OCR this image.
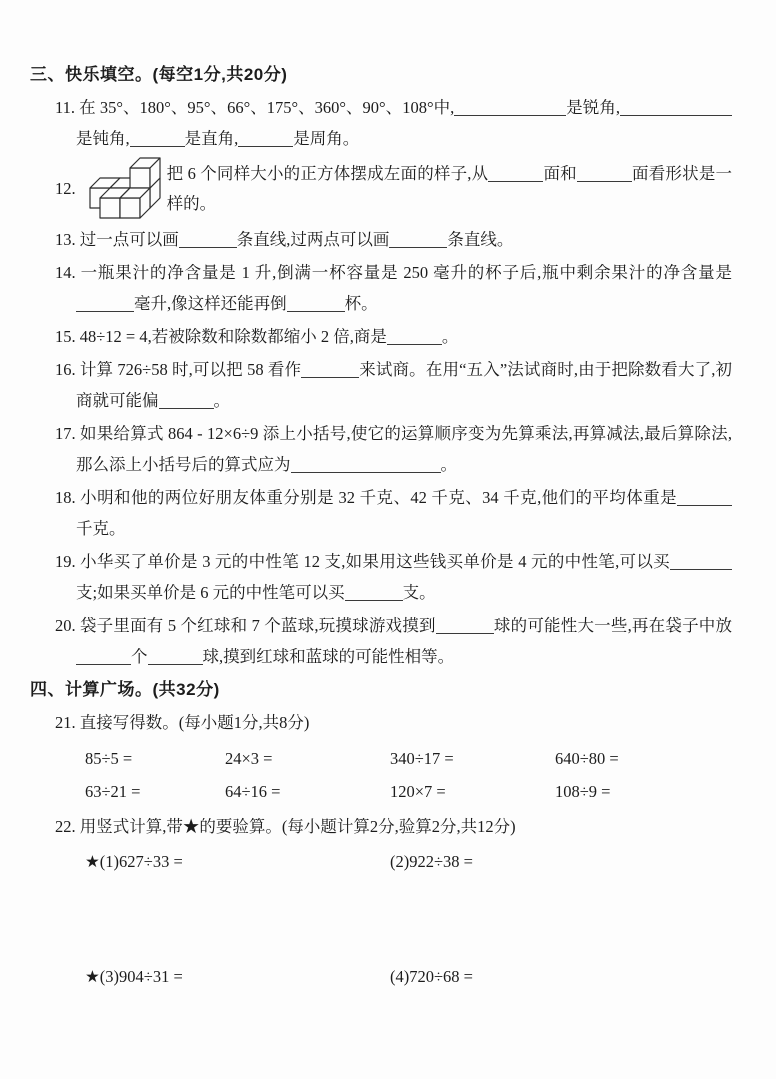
三、快乐填空。(每空1分,共20分)
11. 在 35°、180°、95°、66°、175°、360°、90°、108°中,	是锐角,是钝角,	是直角,	是周角。
12.
把 6 个同样大小的正方体摆成左面的样子,从	面和	面看形状是一样的。
13. 过一点可以画	条直线,过两点可以画	条直线。
14. 一瓶果汁的净含量是 1 升,倒满一杯容量是 250 毫升的杯子后,瓶中剩余果汁的净含量是毫升,像这样还能再倒	杯。
15. 48÷12 = 4,若被除数和除数都缩小 2 倍,商是	。
16. 计算 726÷58 时,可以把 58 看作	来试商。在用“五入”法试商时,由于把除数看大了,初商就可能偏	。
17. 如果给算式 864 - 12×6÷9 添上小括号,使它的运算顺序变为先算乘法,再算减法,最后算除法,那么添上小括号后的算式应为	。
18. 小明和他的两位好朋友体重分别是 32 千克、42 千克、34 千克,他们的平均体重是千克。
19. 小华买了单价是 3 元的中性笔 12 支,如果用这些钱买单价是 4 元的中性笔,可以买支;如果买单价是 6 元的中性笔可以买	支。
20. 袋子里面有 5 个红球和 7 个蓝球,玩摸球游戏摸到	球的可能性大一些,再在袋子中放个	球,摸到红球和蓝球的可能性相等。
四、计算广场。(共32分)
21. 直接写得数。(每小题1分,共8分)
85÷5 =	24×3 =	340÷17 =	640÷80 =
63÷21 =	64÷16 =	120×7 =	108÷9 =
22. 用竖式计算,带★的要验算。(每小题计算2分,验算2分,共12分)
★(1)627÷33 =	(2)922÷38 =
★(3)904÷31 =	(4)720÷68 =
